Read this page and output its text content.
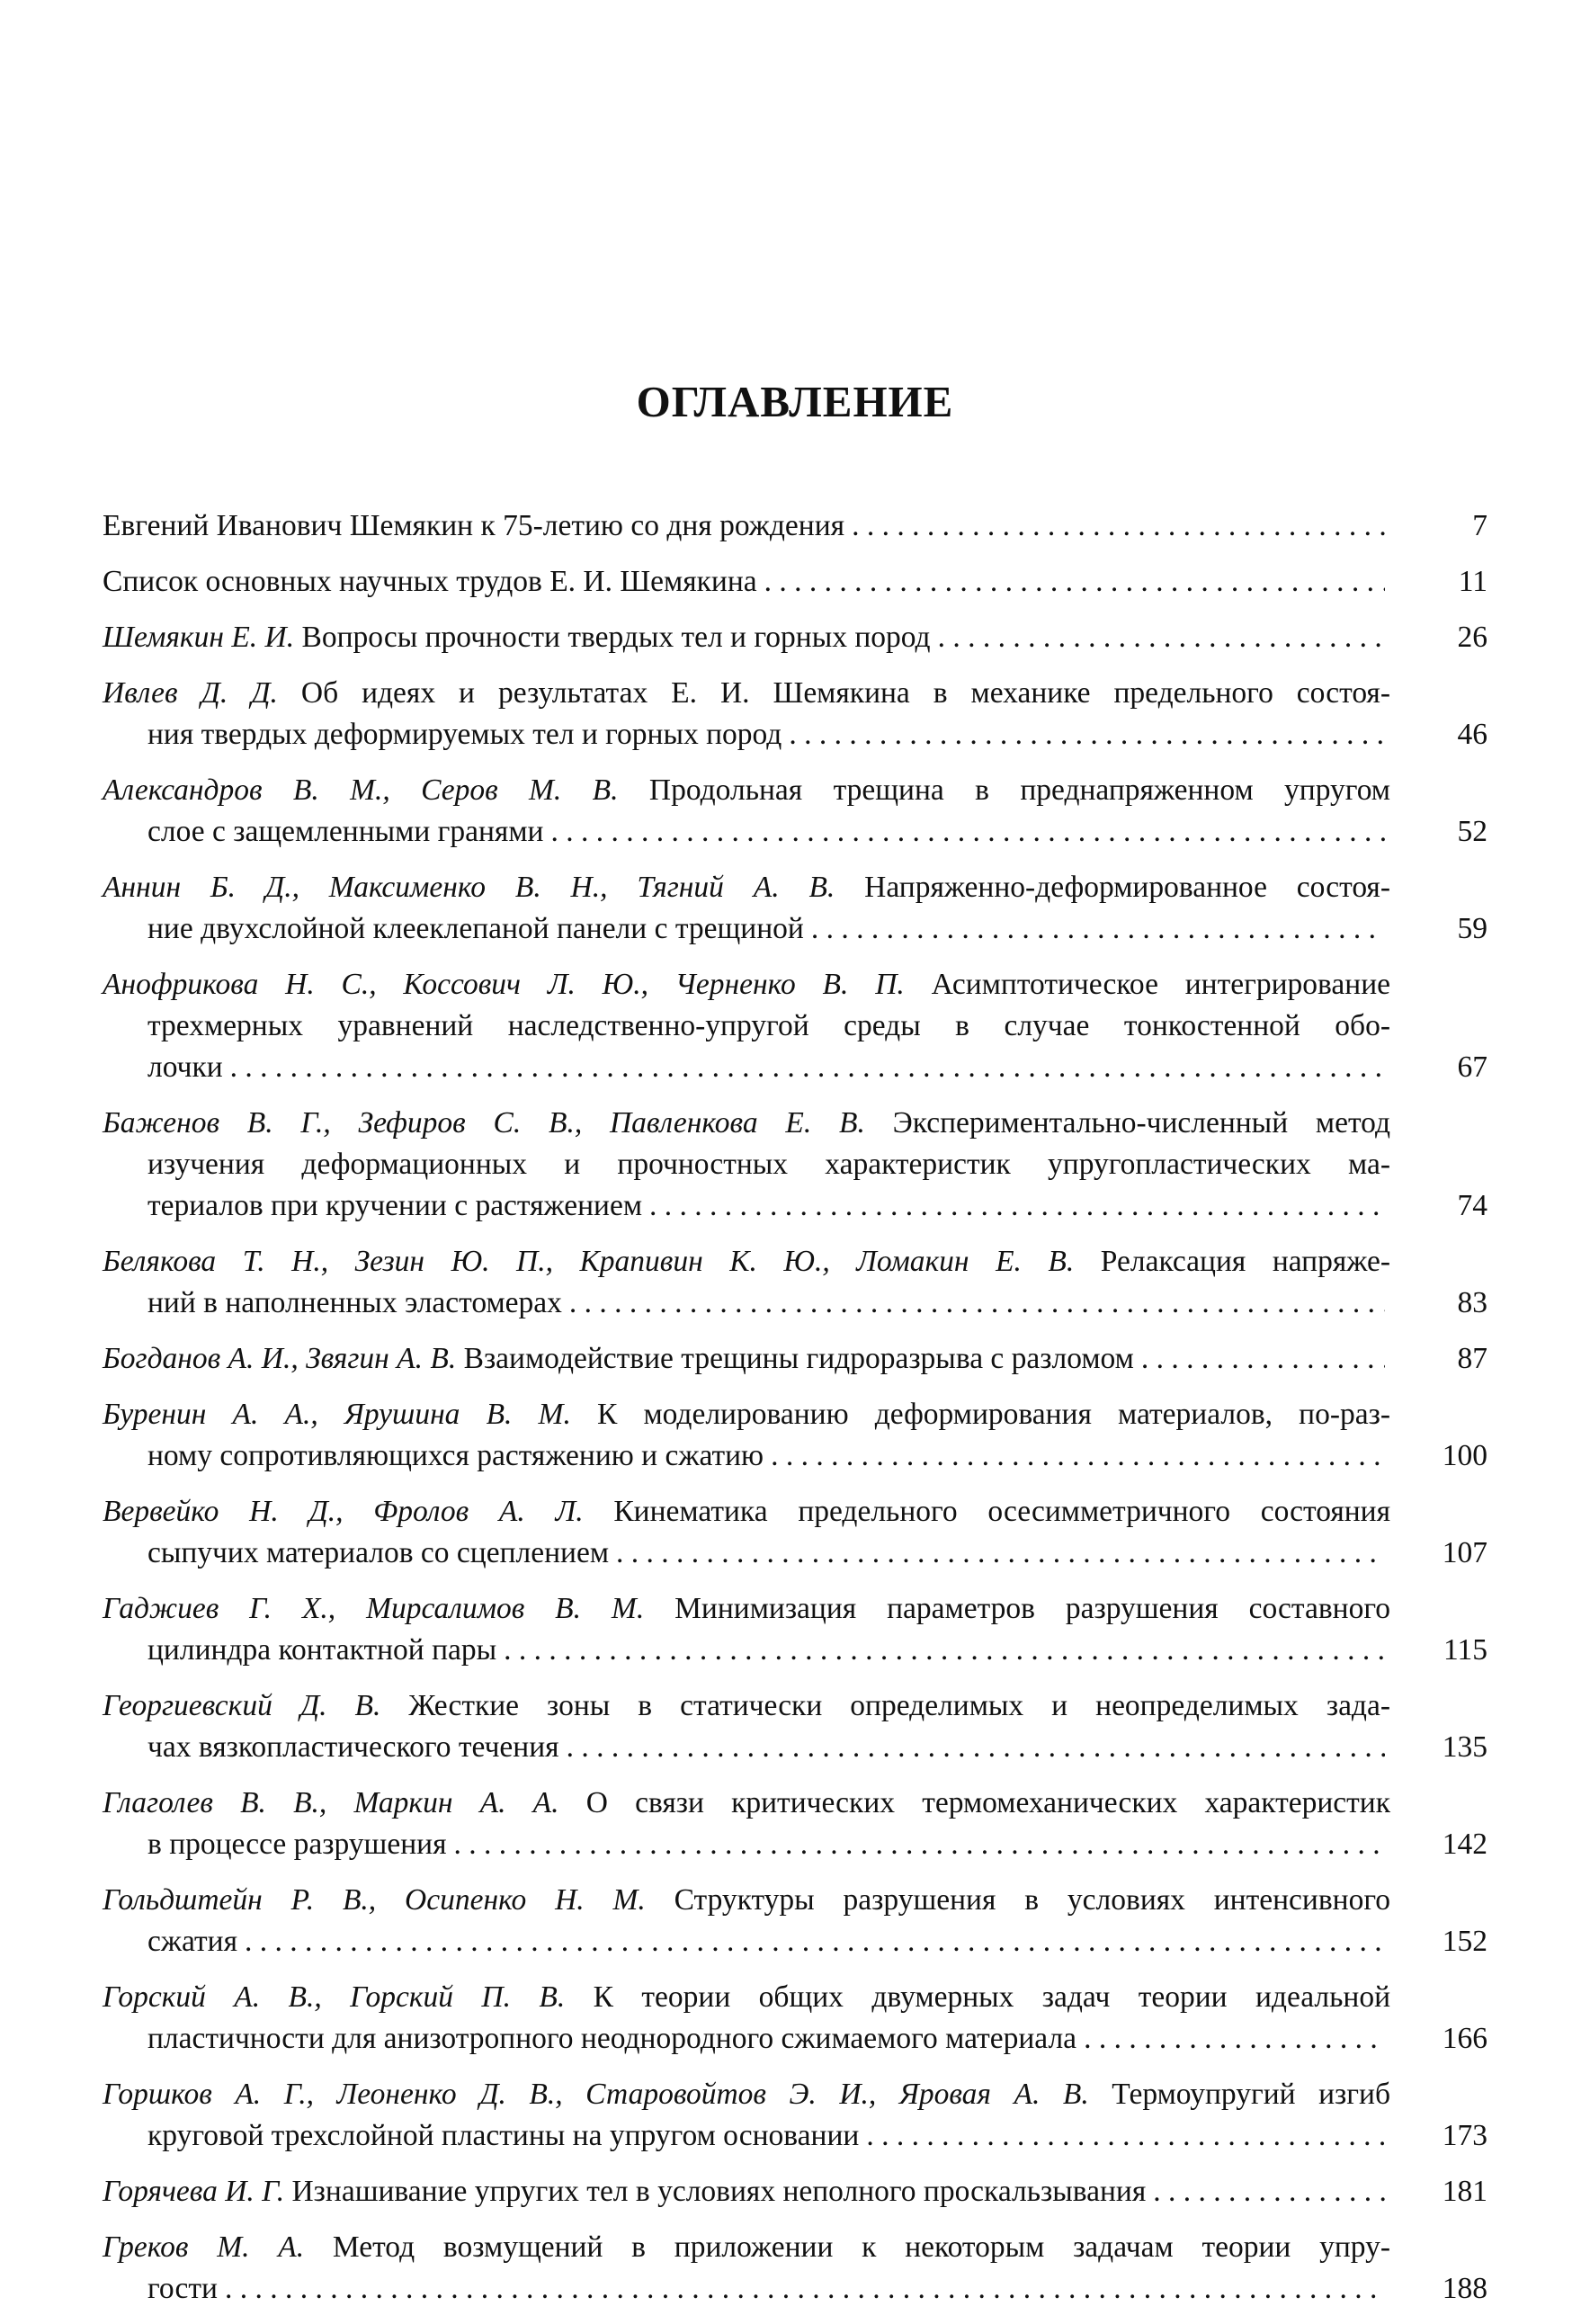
ОГЛАВЛЕНИЕ
Евгений Иванович Шемякин к 75-летию со дня рождения . . .	7
Список основных научных трудов Е. И. Шемякина . . .	11
Шемякин Е. И. Вопросы прочности твердых тел и горных пород . . .	26
Ивлев Д. Д. Об идеях и результатах Е. И. Шемякина в механике предельного состоя-
ния твердых деформируемых тел и горных пород . . .	46
Александров В. М., Серов М. В. Продольная трещина в преднапряженном упругом
слое с защемленными гранями . . .	52
Аннин Б. Д., Максименко В. Н., Тягний А. В. Напряженно-деформированное состоя-
ние двухслойной клееклепаной панели с трещиной . . .	59
Анофрикова Н. С., Коссович Л. Ю., Черненко В. П. Асимптотическое интегрирование
трехмерных уравнений наследственно-упругой среды в случае тонкостенной обо-
лочки . . .	67
Баженов В. Г., Зефиров С. В., Павленкова Е. В. Экспериментально-численный метод
изучения деформационных и прочностных характеристик упругопластических ма-
териалов при кручении с растяжением . . .	74
Белякова Т. Н., Зезин Ю. П., Крапивин К. Ю., Ломакин Е. В. Релаксация напряже-
ний в наполненных эластомерах . . .	83
Богданов А. И., Звягин А. В. Взаимодействие трещины гидроразрыва с разломом . . .	87
Буренин А. А., Ярушина В. М. К моделированию деформирования материалов, по-раз-
ному сопротивляющихся растяжению и сжатию . . .	100
Вервейко Н. Д., Фролов А. Л. Кинематика предельного осесимметричного состояния
сыпучих материалов со сцеплением . . .	107
Гаджиев Г. Х., Мирсалимов В. М. Минимизация параметров разрушения составного
цилиндра контактной пары . . .	115
Георгиевский Д. В. Жесткие зоны в статически определимых и неопределимых зада-
чах вязкопластического течения . . .	135
Глаголев В. В., Маркин А. А. О связи критических термомеханических характеристик
в процессе разрушения . . .	142
Гольдштейн Р. В., Осипенко Н. М. Структуры разрушения в условиях интенсивного
сжатия . . .	152
Горский А. В., Горский П. В. К теории общих двумерных задач теории идеальной
пластичности для анизотропного неоднородного сжимаемого материала . . .	166
Горшков А. Г., Леоненко Д. В., Старовойтов Э. И., Яровая А. В. Термоупругий изгиб
круговой трехслойной пластины на упругом основании . . .	173
Горячева И. Г. Изнашивание упругих тел в условиях неполного проскальзывания . . .	181
Греков М. А. Метод возмущений в приложении к некоторым задачам теории упру-
гости . . .	188
